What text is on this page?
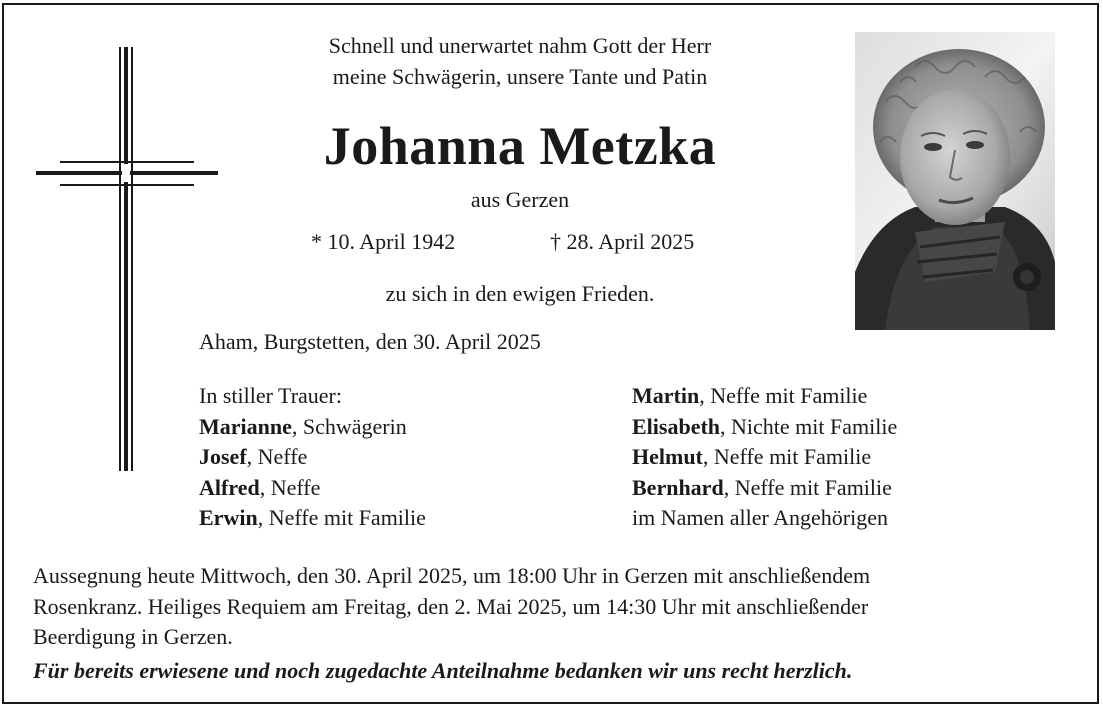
Schnell und unerwartet nahm Gott der Herr
meine Schwägerin, unsere Tante und Patin
Johanna Metzka
aus Gerzen
* 10. April 1942	† 28. April 2025
zu sich in den ewigen Frieden.
Aham, Burgstetten, den 30. April 2025
In stiller Trauer:
Marianne, Schwägerin
Josef, Neffe
Alfred, Neffe
Erwin, Neffe mit Familie
Martin, Neffe mit Familie
Elisabeth, Nichte mit Familie
Helmut, Neffe mit Familie
Bernhard, Neffe mit Familie
im Namen aller Angehörigen
Aussegnung heute Mittwoch, den 30. April 2025, um 18:00 Uhr in Gerzen mit anschließendem
Rosenkranz. Heiliges Requiem am Freitag, den 2. Mai 2025, um 14:30 Uhr mit anschließender
Beerdigung in Gerzen.
Für bereits erwiesene und noch zugedachte Anteilnahme bedanken wir uns recht herzlich.
